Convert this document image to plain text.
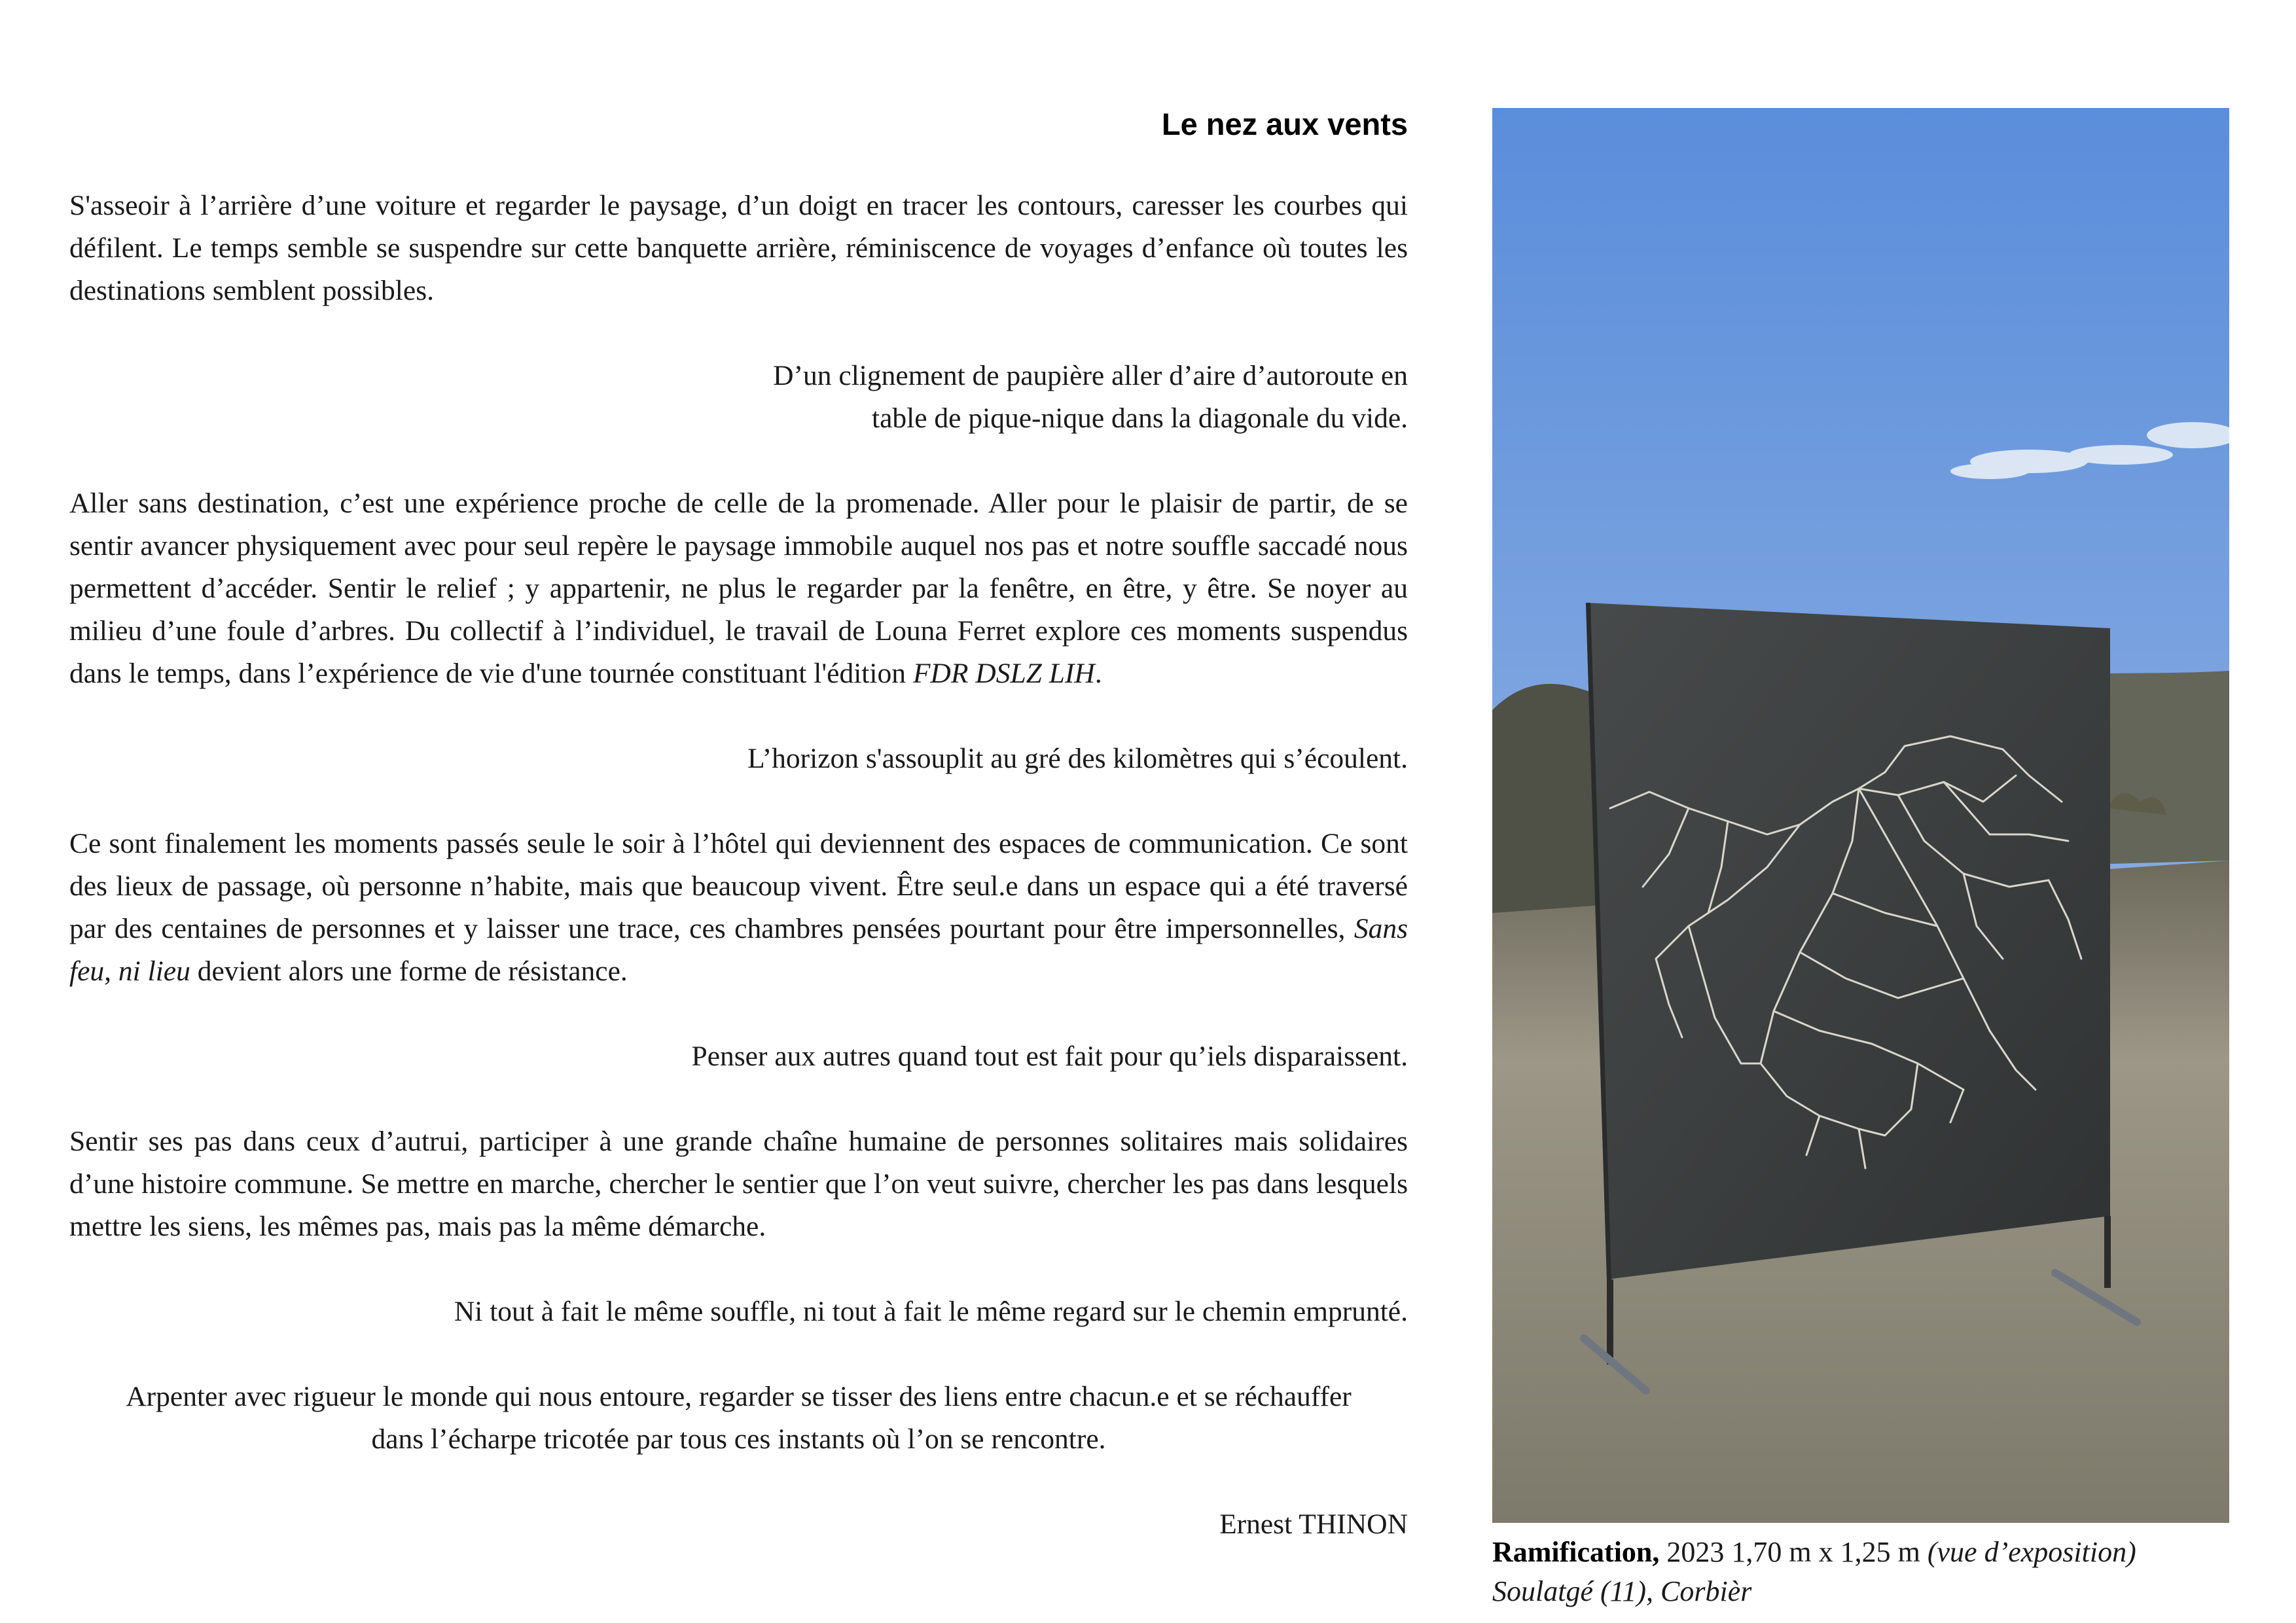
Le nez aux vents

S'asseoir à l’arrière d’une voiture et regarder le paysage, d’un doigt en tracer les contours, caresser les courbes qui défilent. Le temps semble se suspendre sur cette banquette arrière, réminiscence de voyages d’enfance où toutes les destinations semblent possibles.

D’un clignement de paupière aller d’aire d’autoroute en
table de pique-nique dans la diagonale du vide.

Aller sans destination, c’est une expérience proche de celle de la promenade. Aller pour le plaisir de partir, de se sentir avancer physiquement avec pour seul repère le paysage immobile auquel nos pas et notre souffle saccadé nous permettent d’accéder. Sentir le relief ; y appartenir, ne plus le regarder par la fenêtre, en être, y être. Se noyer au milieu d’une foule d’arbres. Du collectif à l’individuel, le travail de Louna Ferret explore ces moments suspendus dans le temps, dans l’expérience de vie d'une tournée constituant l'édition FDR DSLZ LIH.

L’horizon s'assouplit au gré des kilomètres qui s’écoulent.

Ce sont finalement les moments passés seule le soir à l’hôtel qui deviennent des espaces de communication. Ce sont des lieux de passage, où personne n’habite, mais que beaucoup vivent. Être seul.e dans un espace qui a été traversé par des centaines de personnes et y laisser une trace, ces chambres pensées pourtant pour être impersonnelles, Sans feu, ni lieu devient alors une forme de résistance.

Penser aux autres quand tout est fait pour qu’iels disparaissent.

Sentir ses pas dans ceux d’autrui, participer à une grande chaîne humaine de personnes solitaires mais solidaires d’une histoire commune. Se mettre en marche, chercher le sentier que l’on veut suivre, chercher les pas dans lesquels mettre les siens, les mêmes pas, mais pas la même démarche.

Ni tout à fait le même souffle, ni tout à fait le même regard sur le chemin emprunté.

Arpenter avec rigueur le monde qui nous entoure, regarder se tisser des liens entre chacun.e et se réchauffer
dans l’écharpe tricotée par tous ces instants où l’on se rencontre.

Ernest THINON

Ramification, 2023 1,70 m x 1,25 m (vue d’exposition)
Soulatgé (11), Corbièr
